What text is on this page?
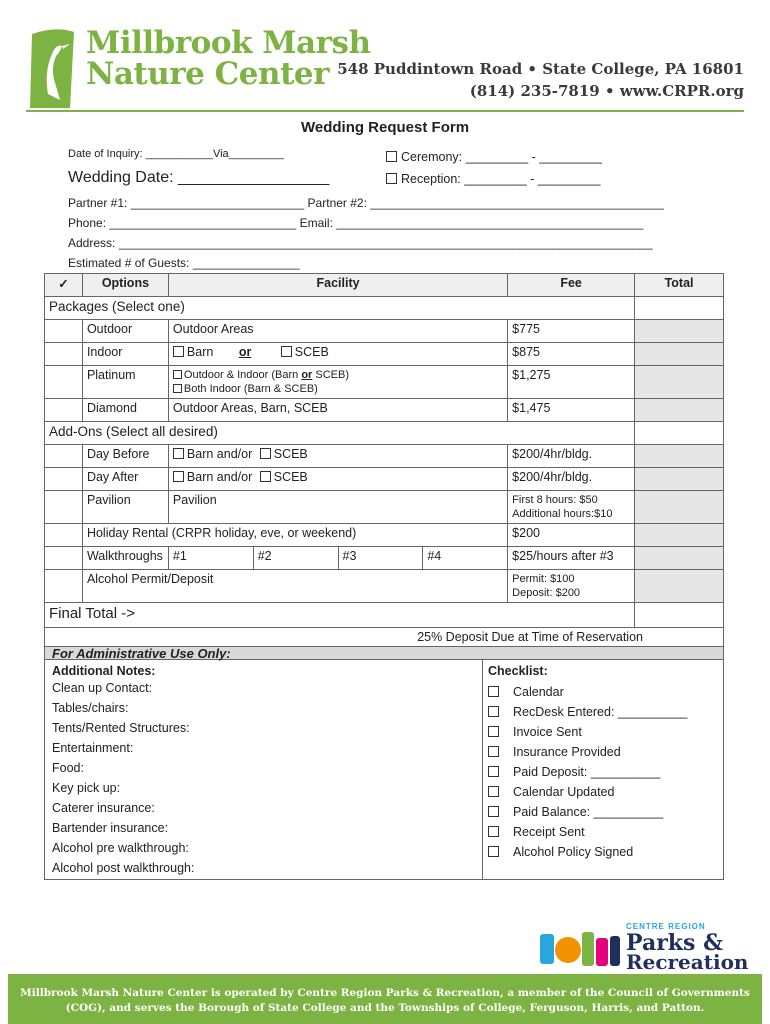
Millbrook Marsh
Nature Center 548 Puddintown Road • State College, PA 16801
(814) 235-7819 • www.CRPR.org
Wedding Request Form
Date of Inquiry: ___________Via_________	Ceremony: _________ - _________
Reception: _________ - _________
Wedding Date: _________________
Partner #1: __________________________ Partner #2: ____________________________________________
Phone: ____________________________ Email: ______________________________________________
Address: ________________________________________________________________________________
Estimated # of Guests: ________________
✓	Options	Facility				Fee	Total
Packages (Select one)							
	Outdoor	Outdoor Areas				$775	
	Indoor	Barn or SCEB				$875	
	Platinum	Outdoor & Indoor (Barn or SCEB)
Both Indoor (Barn & SCEB)				$1,275	
	Diamond	Outdoor Areas, Barn, SCEB				$1,475	
Add-Ons (Select all desired)							
	Day Before	Barn and/or SCEB				$200/4hr/bldg.	
	Day After	Barn and/or SCEB				$200/4hr/bldg.	
	Pavilion	Pavilion				First 8 hours: $50
Additional hours:$10	

	Holiday Rental (CRPR holiday, eve, or weekend)					$200	
	Walkthroughs	#1	#2	#3	#4	$25/hours after #3	
	Alcohol Permit/Deposit					Permit: $100
Deposit: $200	

Final Total ->							
25% Deposit Due at Time of Reservation							
For Administrative Use Only:
Additional Notes:
Clean up Contact:
Tables/chairs:
Tents/Rented Structures:
Entertainment:
Food:
Key pick up:
Caterer insurance:
Bartender insurance:
Alcohol pre walkthrough:
Alcohol post walkthrough:
Checklist:
Calendar
RecDesk Entered: __________
Invoice Sent
Insurance Provided
Paid Deposit: __________
Calendar Updated
Paid Balance: __________
Receipt Sent
Alcohol Policy Signed
CENTRE REGION
Parks &
Recreation
Millbrook Marsh Nature Center is operated by Centre Region Parks & Recreation, a member of the Council of Governments
(COG), and serves the Borough of State College and the Townships of College, Ferguson, Harris, and Patton.
